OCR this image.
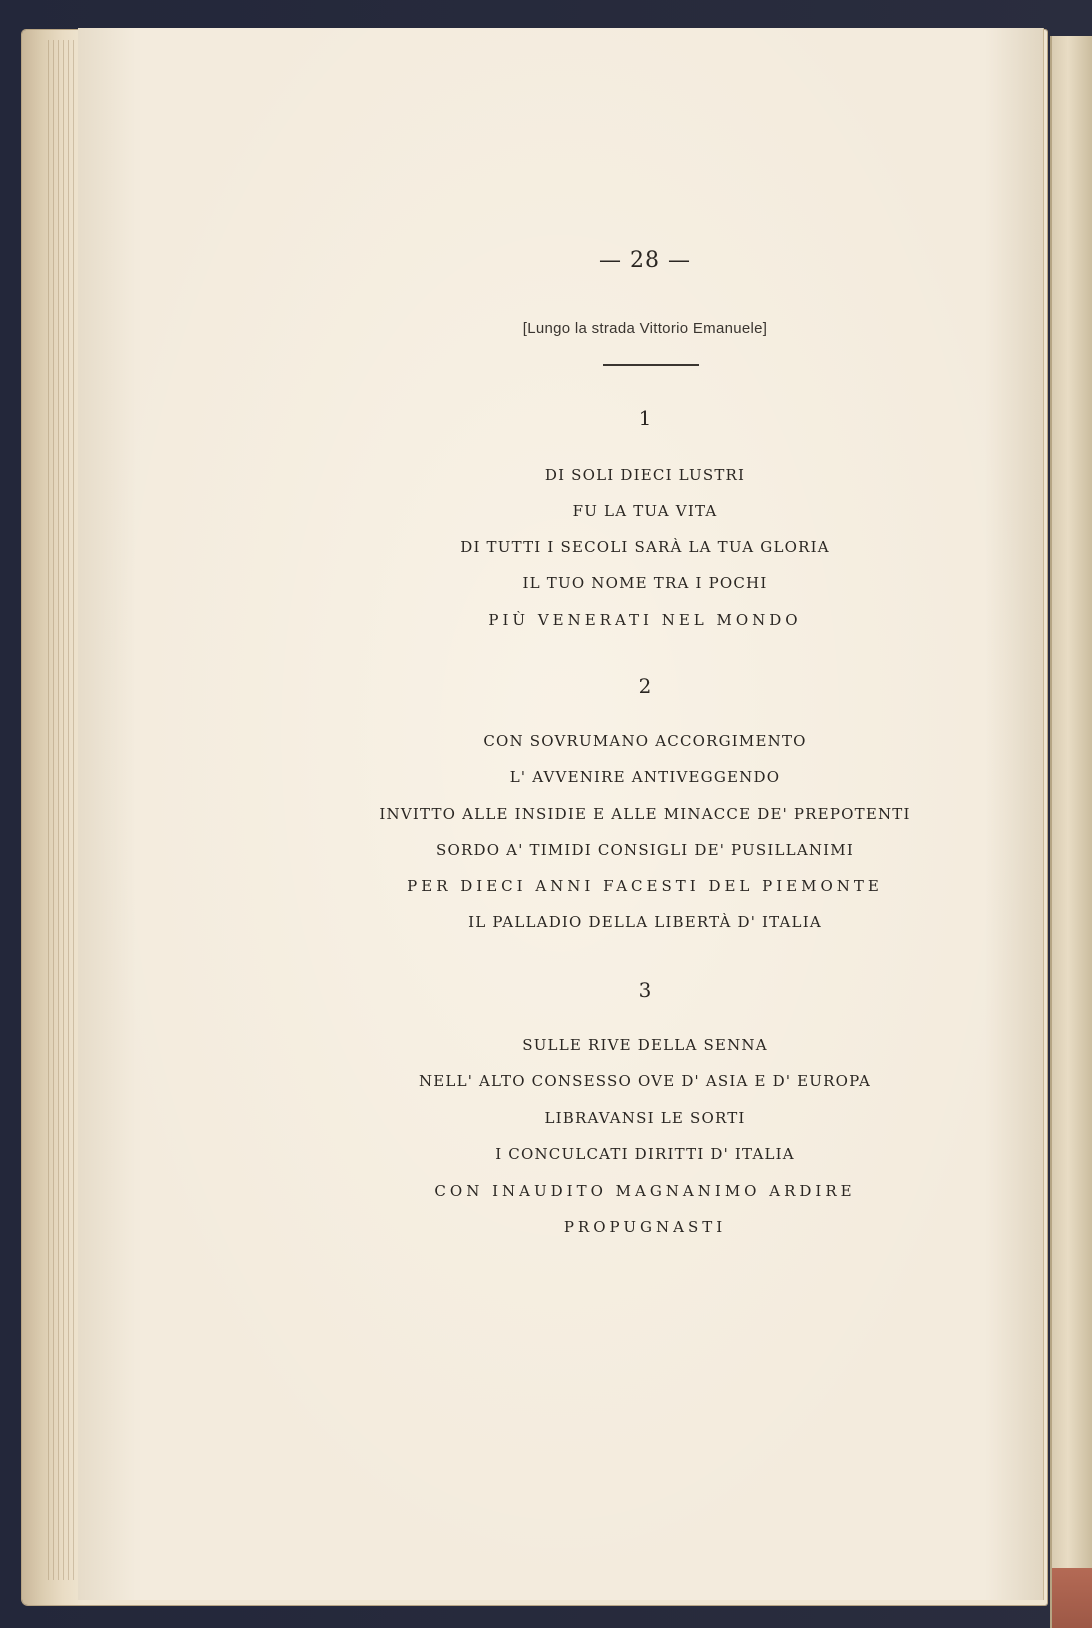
— 28 —
[Lungo la strada Vittorio Emanuele]
1
DI SOLI DIECI LUSTRI
FU LA TUA VITA
DI TUTTI I SECOLI SARÀ LA TUA GLORIA
IL TUO NOME TRA I POCHI
PIÙ VENERATI NEL MONDO
2
CON SOVRUMANO ACCORGIMENTO
L' AVVENIRE ANTIVEGGENDO
INVITTO ALLE INSIDIE E ALLE MINACCE DE' PREPOTENTI
SORDO A' TIMIDI CONSIGLI DE' PUSILLANIMI
PER DIECI ANNI FACESTI DEL PIEMONTE
IL PALLADIO DELLA LIBERTÀ D' ITALIA
3
SULLE RIVE DELLA SENNA
NELL' ALTO CONSESSO OVE D' ASIA E D' EUROPA
LIBRAVANSI LE SORTI
I CONCULCATI DIRITTI D' ITALIA
CON INAUDITO MAGNANIMO ARDIRE
PROPUGNASTI
